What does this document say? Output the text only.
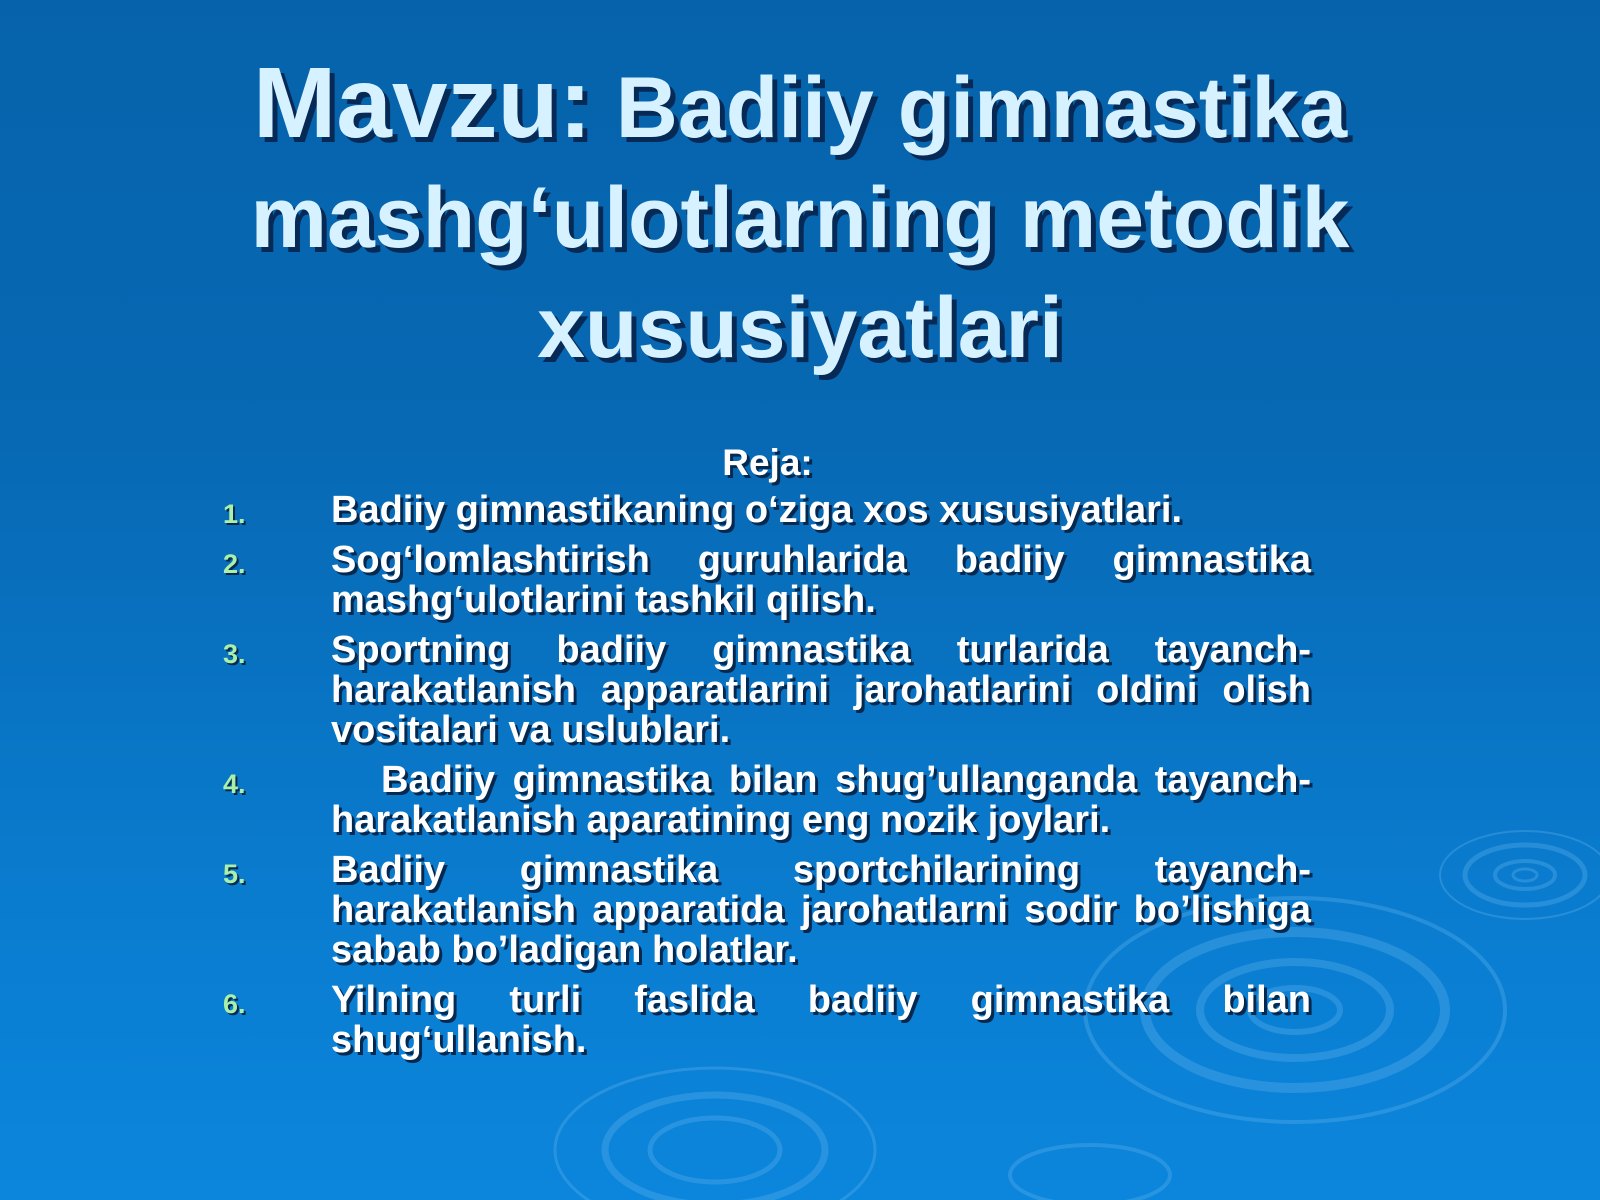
Mavzu: Badiiy gimnastika mashg‘ulotlarning metodik xususiyatlari
Reja:
1. Badiiy gimnastikaning o‘ziga xos xususiyatlari.
2. Sog‘lomlashtirish guruhlarida badiiy gimnastika mashg‘ulotlarini tashkil qilish.
3. Sportning badiiy gimnastika turlarida tayanch-harakatlanish apparatlarini jarohatlarini oldini olish vositalari va uslublari.
4.	Badiiy gimnastika bilan shug’ullanganda tayanch-harakatlanish aparatining eng nozik joylari.
5. Badiiy gimnastika sportchilarining tayanch-harakatlanish apparatida jarohatlarni sodir bo’lishiga sabab bo’ladigan holatlar.
6. Yilning turli faslida badiiy gimnastika bilan shug‘ullanish.
